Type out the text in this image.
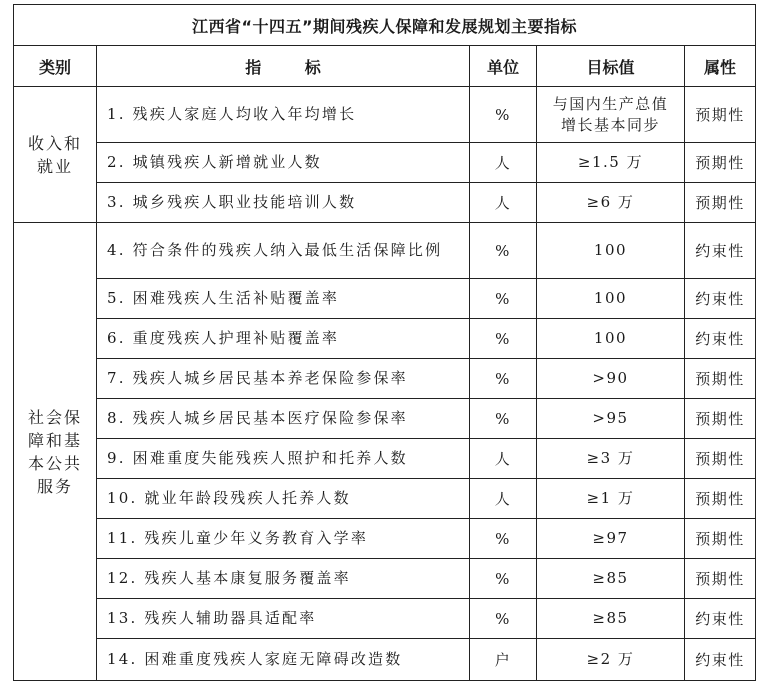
江西省“十四五”期间残疾人保障和发展规划主要指标				
类别	指 标	单位	目标值	属性
收入和就业	1. 残疾人家庭人均收入年均增长	%	与国内生产总值增长基本同步	预期性
	2. 城镇残疾人新增就业人数	人	≥1.5 万	预期性
	3. 城乡残疾人职业技能培训人数	人	≥6 万	预期性
社会保障和基本公共服务	4. 符合条件的残疾人纳入最低生活保障比例	%	100	约束性
	5. 困难残疾人生活补贴覆盖率	%	100	约束性
	6. 重度残疾人护理补贴覆盖率	%	100	约束性
	7. 残疾人城乡居民基本养老保险参保率	%	>90	预期性
	8. 残疾人城乡居民基本医疗保险参保率	%	>95	预期性
	9. 困难重度失能残疾人照护和托养人数	人	≥3 万	预期性
	10. 就业年龄段残疾人托养人数	人	≥1 万	预期性
	11. 残疾儿童少年义务教育入学率	%	≥97	预期性
	12. 残疾人基本康复服务覆盖率	%	≥85	预期性
	13. 残疾人辅助器具适配率	%	≥85	约束性
	14. 困难重度残疾人家庭无障碍改造数	户	≥2 万	约束性
